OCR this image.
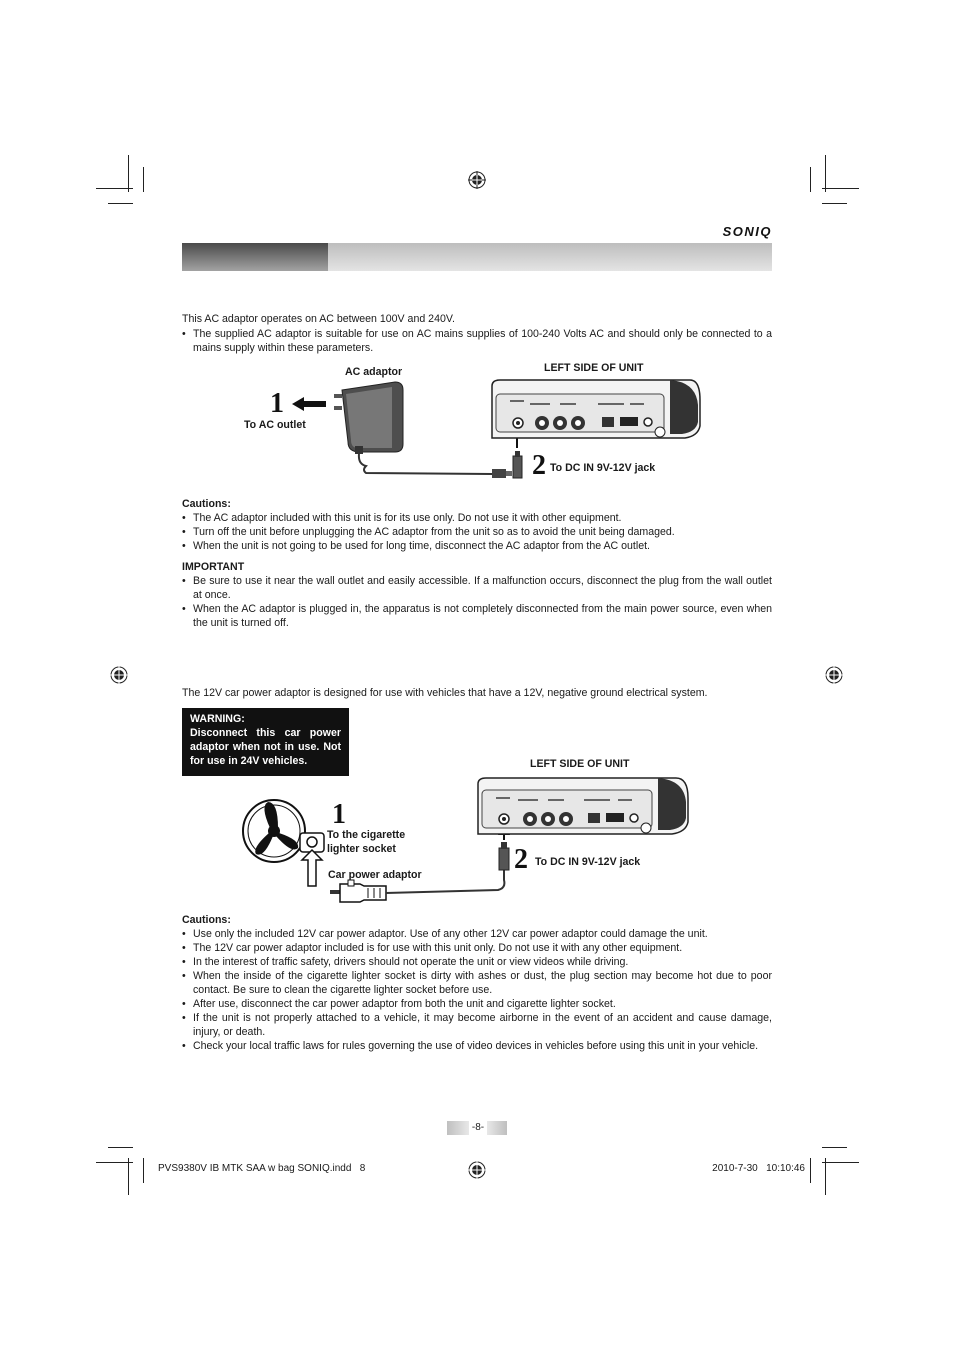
SONIQ
This AC adaptor operates on AC between 100V and 240V.
• The supplied AC adaptor is suitable for use on AC mains supplies of 100-240 Volts AC and should only be connected to a mains supply within these parameters.
AC adaptor	LEFT SIDE OF UNIT
1
To AC outlet
2 To DC IN 9V-12V jack
Cautions:
• The AC adaptor included with this unit is for its use only. Do not use it with other equipment.
• Turn off the unit before unplugging the AC adaptor from the unit so as to avoid the unit being damaged.
• When the unit is not going to be used for long time, disconnect the AC adaptor from the AC outlet.
IMPORTANT
• Be sure to use it near the wall outlet and easily accessible. If a malfunction occurs, disconnect the plug from the wall outlet at once.
• When the AC adaptor is plugged in, the apparatus is not completely disconnected from the main power source, even when the unit is turned off.
The 12V car power adaptor is designed for use with vehicles that have a 12V, negative ground electrical system.
WARNING:
Disconnect this car power adaptor when not in use. Not for use in 24V vehicles.	LEFT SIDE OF UNIT
1
To the cigarette
lighter socket	2 To DC IN 9V-12V jack
Car power adaptor
Cautions:
• Use only the included 12V car power adaptor. Use of any other 12V car power adaptor could damage the unit.
• The 12V car power adaptor included is for use with this unit only. Do not use it with any other equipment.
• In the interest of traffic safety, drivers should not operate the unit or view videos while driving.
• When the inside of the cigarette lighter socket is dirty with ashes or dust, the plug section may become hot due to poor contact. Be sure to clean the cigarette lighter socket before use.
• After use, disconnect the car power adaptor from both the unit and cigarette lighter socket.
• If the unit is not properly attached to a vehicle, it may become airborne in the event of an accident and cause damage, injury, or death.
• Check your local traffic laws for rules governing the use of video devices in vehicles before using this unit in your vehicle.
-8-
PVS9380V IB MTK SAA w bag SONIQ.indd   8	2010-7-30   10:10:46
